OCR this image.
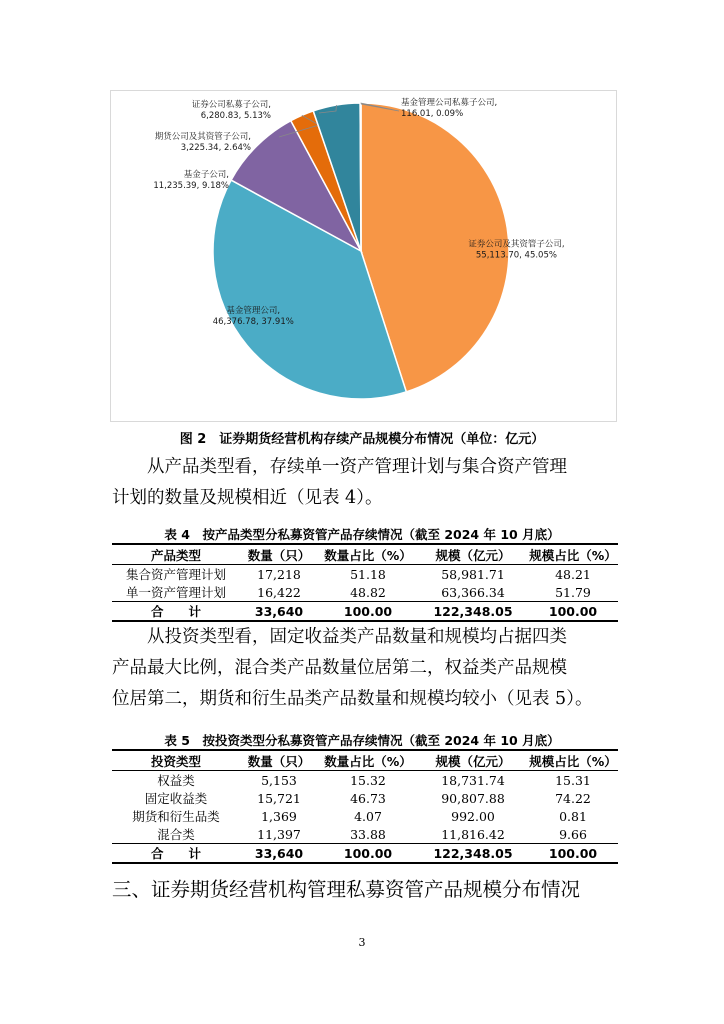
证券公司及其资管子公司, 55,113.70, 45.05%
基金管理公司, 46,376.78, 37.91%
基金子公司, 11,235.39, 9.18%
期货公司及其资管子公司, 3,225.34, 2.64%
证券公司私募子公司, 6,280.83, 5.13%
基金管理公司私募子公司, 116.01, 0.09%
图 2　证券期货经营机构存续产品规模分布情况（单位：亿元）
从产品类型看，存续单一资产管理计划与集合资产管理
计划的数量及规模相近（见表 4）。
表 4　按产品类型分私募资管产品存续情况（截至 2024 年 10 月底）
产品类型	数量（只）	数量占比（%）	规模（亿元）	规模占比（%）
集合资产管理计划	17,218	51.18	58,981.71	48.21
单一资产管理计划	16,422	48.82	63,366.34	51.79
合　　计	33,640	100.00	122,348.05	100.00
从投资类型看，固定收益类产品数量和规模均占据四类
产品最大比例，混合类产品数量位居第二，权益类产品规模
位居第二，期货和衍生品类产品数量和规模均较小（见表 5）。
表 5　按投资类型分私募资管产品存续情况（截至 2024 年 10 月底）
投资类型	数量（只）	数量占比（%）	规模（亿元）	规模占比（%）
权益类	5,153	15.32	18,731.74	15.31
固定收益类	15,721	46.73	90,807.88	74.22
期货和衍生品类	1,369	4.07	992.00	0.81
混合类	11,397	33.88	11,816.42	9.66
合　　计	33,640	100.00	122,348.05	100.00
三、证券期货经营机构管理私募资管产品规模分布情况
3
